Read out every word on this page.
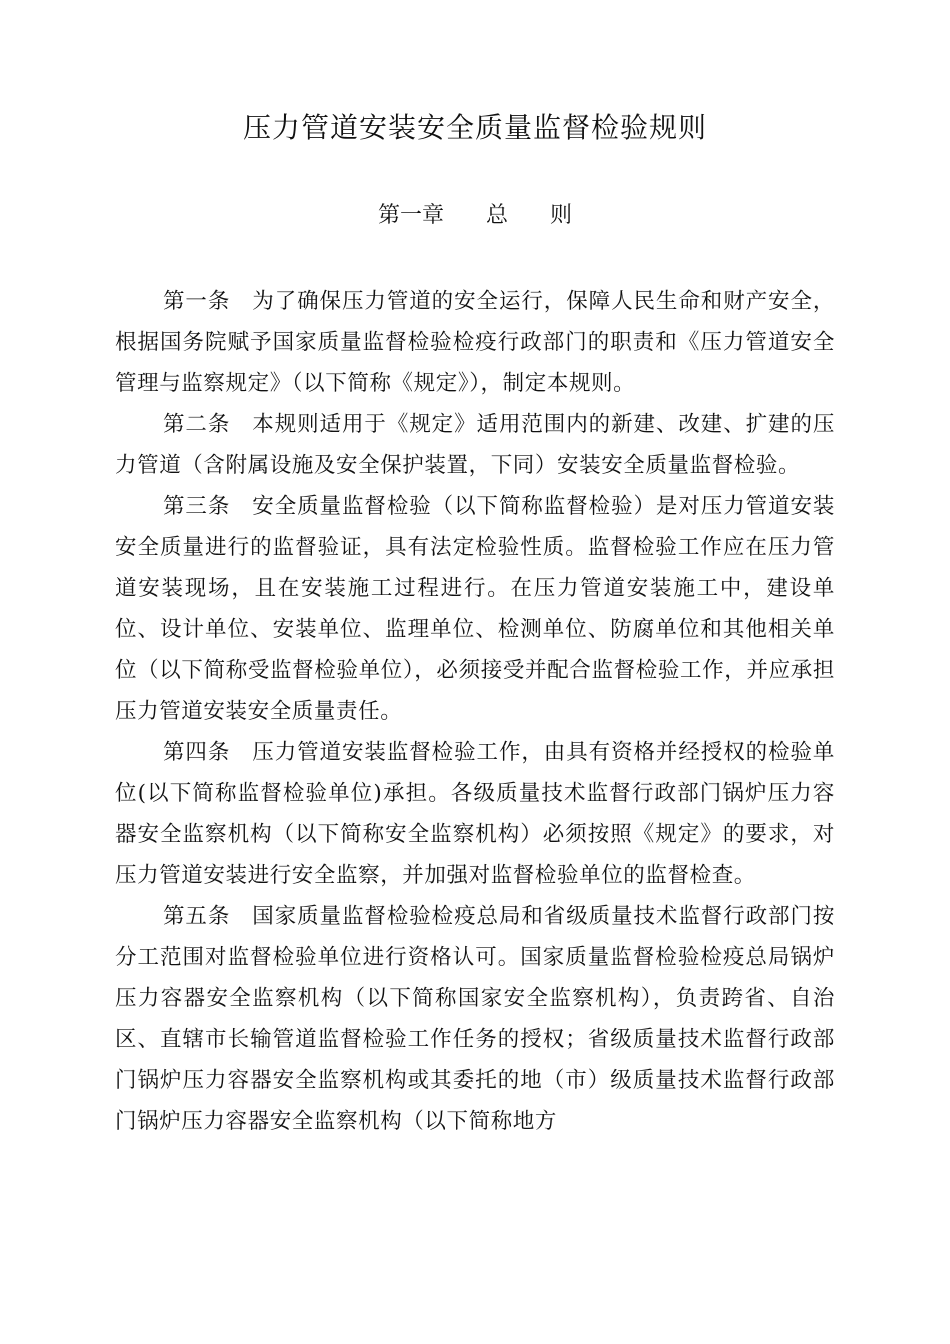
压力管道安装安全质量监督检验规则
第一章 总 则

第一条 为了确保压力管道的安全运行，保障人民生命和财产安全，根据国务院赋予国家质量监督检验检疫行政部门的职责和《压力管道安全管理与监察规定》（以下简称《规定》），制定本规则。

第二条 本规则适用于《规定》适用范围内的新建、改建、扩建的压力管道（含附属设施及安全保护装置，下同）安装安全质量监督检验。

第三条 安全质量监督检验（以下简称监督检验）是对压力管道安装安全质量进行的监督验证，具有法定检验性质。监督检验工作应在压力管道安装现场，且在安装施工过程进行。在压力管道安装施工中，建设单位、设计单位、安装单位、监理单位、检测单位、防腐单位和其他相关单位（以下简称受监督检验单位），必须接受并配合监督检验工作，并应承担压力管道安装安全质量责任。

第四条 压力管道安装监督检验工作，由具有资格并经授权的检验单位(以下简称监督检验单位)承担。各级质量技术监督行政部门锅炉压力容器安全监察机构（以下简称安全监察机构）必须按照《规定》的要求，对压力管道安装进行安全监察，并加强对监督检验单位的监督检查。

第五条 国家质量监督检验检疫总局和省级质量技术监督行政部门按分工范围对监督检验单位进行资格认可。国家质量监督检验检疫总局锅炉压力容器安全监察机构（以下简称国家安全监察机构），负责跨省、自治区、直辖市长输管道监督检验工作任务的授权；省级质量技术监督行政部门锅炉压力容器安全监察机构或其委托的地（市）级质量技术监督行政部门锅炉压力容器安全监察机构（以下简称地方
